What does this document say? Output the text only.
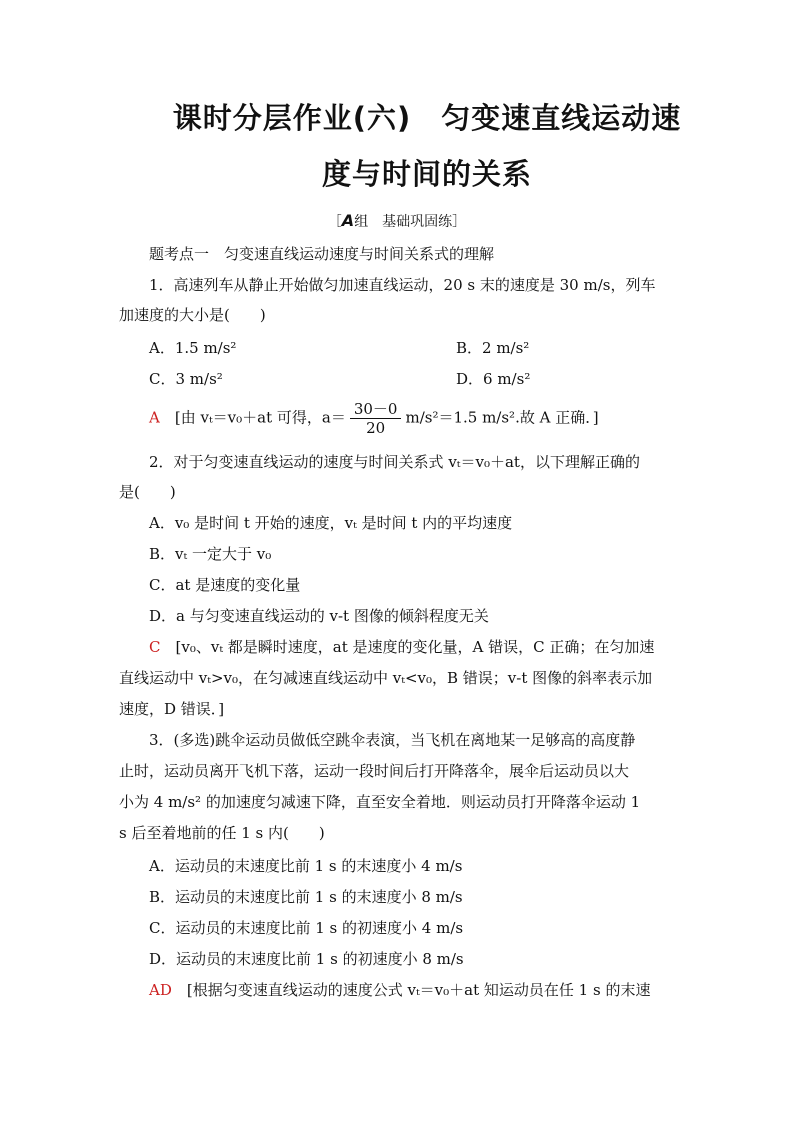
课时分层作业(六)　匀变速直线运动速
度与时间的关系
［A组　基础巩固练］
题考点一　匀变速直线运动速度与时间关系式的理解
1．高速列车从静止开始做匀加速直线运动，20 s 末的速度是 30 m/s，列车
加速度的大小是(　　)
A．1.5 m/s²	B．2 m/s²
C．3 m/s²	D．6 m/s²
A　 [由 vₜ＝v₀＋at 可得，$a= \frac{30-0}{20} m/s^2=1.5$ m/s².故 A 正确．]
2．对于匀变速直线运动的速度与时间关系式 vₜ＝v₀＋at，以下理解正确的
是(　　)
A．v₀ 是时间 t 开始的速度，vₜ 是时间 t 内的平均速度
B．vₜ 一定大于 v₀
C．at 是速度的变化量
D．a 与匀变速直线运动的 v-t 图像的倾斜程度无关
C　 [v₀、vₜ 都是瞬时速度，at 是速度的变化量，A 错误，C 正确；在匀加速
直线运动中 vₜ>v₀，在匀减速直线运动中 vₜ<v₀，B 错误；v-t 图像的斜率表示加
速度，D 错误．]
3．(多选)跳伞运动员做低空跳伞表演，当飞机在离地某一足够高的高度静
止时，运动员离开飞机下落，运动一段时间后打开降落伞，展伞后运动员以大
小为 4 m/s² 的加速度匀减速下降，直至安全着地．则运动员打开降落伞运动 1
s 后至着地前的任 1 s 内(　　)
A．运动员的末速度比前 1 s 的末速度小 4 m/s
B．运动员的末速度比前 1 s 的末速度小 8 m/s
C．运动员的末速度比前 1 s 的初速度小 4 m/s
D．运动员的末速度比前 1 s 的初速度小 8 m/s
AD　 [根据匀变速直线运动的速度公式 vₜ＝v₀＋at 知运动员在任 1 s 的末速
